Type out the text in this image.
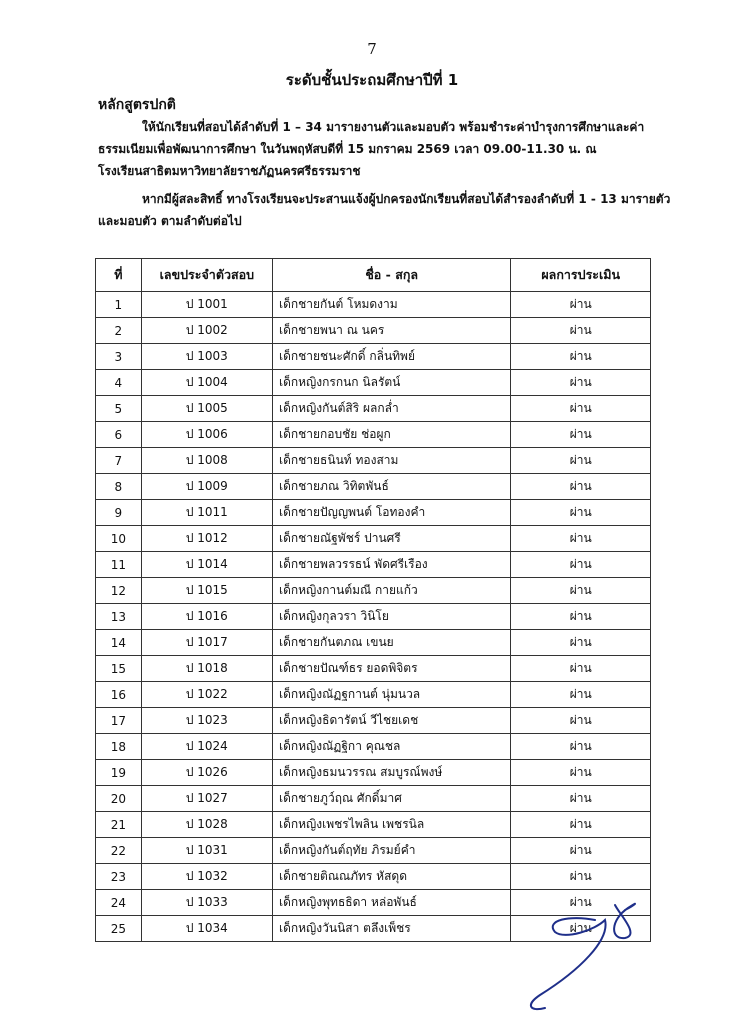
7
ระดับชั้นประถมศึกษาปีที่ 1
หลักสูตรปกติ
ให้นักเรียนที่สอบได้ลำดับที่ 1 – 34 มารายงานตัวและมอบตัว พร้อมชำระค่าบำรุงการศึกษาและค่าธรรมเนียมเพื่อพัฒนาการศึกษา ในวันพฤหัสบดีที่ 15 มกราคม 2569 เวลา 09.00-11.30 น. ณ โรงเรียนสาธิตมหาวิทยาลัยราชภัฏนครศรีธรรมราช
หากมีผู้สละสิทธิ์ ทางโรงเรียนจะประสานแจ้งผู้ปกครองนักเรียนที่สอบได้สำรองลำดับที่ 1 - 13 มารายตัวและมอบตัว ตามลำดับต่อไป
ที่	เลขประจำตัวสอบ	ชื่อ - สกุล	ผลการประเมิน
1	ป 1001	เด็กชายกันต์ โหมดงาม	ผ่าน
2	ป 1002	เด็กชายพนา ณ นคร	ผ่าน
3	ป 1003	เด็กชายชนะศักดิ์ กลิ่นทิพย์	ผ่าน
4	ป 1004	เด็กหญิงกรกนก นิลรัตน์	ผ่าน
5	ป 1005	เด็กหญิงกันต์สิริ ผลกล่ำ	ผ่าน
6	ป 1006	เด็กชายกอบชัย ช่อผูก	ผ่าน
7	ป 1008	เด็กชายธนินท์ ทองสาม	ผ่าน
8	ป 1009	เด็กชายภณ วิทิตพันธ์	ผ่าน
9	ป 1011	เด็กชายปัญญพนต์ โอทองคำ	ผ่าน
10	ป 1012	เด็กชายณัฐพัชร์ ปานศรี	ผ่าน
11	ป 1014	เด็กชายพลวรรธน์ พัดศรีเรือง	ผ่าน
12	ป 1015	เด็กหญิงกานต์มณี กายแก้ว	ผ่าน
13	ป 1016	เด็กหญิงกุลวรา วินิโย	ผ่าน
14	ป 1017	เด็กชายกันตภณ เขนย	ผ่าน
15	ป 1018	เด็กชายปัณฑ์ธร ยอดพิจิตร	ผ่าน
16	ป 1022	เด็กหญิงณัฏฐกานต์ นุ่มนวล	ผ่าน
17	ป 1023	เด็กหญิงธิดารัตน์ วีไชยเดช	ผ่าน
18	ป 1024	เด็กหญิงณัฏฐิกา คุณชล	ผ่าน
19	ป 1026	เด็กหญิงธมนวรรณ สมบูรณ์พงษ์	ผ่าน
20	ป 1027	เด็กชายภูว์ฤณ ศักดิ์มาศ	ผ่าน
21	ป 1028	เด็กหญิงเพชรไพลิน เพชรนิล	ผ่าน
22	ป 1031	เด็กหญิงกันต์ฤทัย ภิรมย์คำ	ผ่าน
23	ป 1032	เด็กชายติณณภัทร หัสดุด	ผ่าน
24	ป 1033	เด็กหญิงพุทธธิดา หล่อพันธ์	ผ่าน
25	ป 1034	เด็กหญิงวันนิสา ตลึงเพ็ชร	ผ่าน
